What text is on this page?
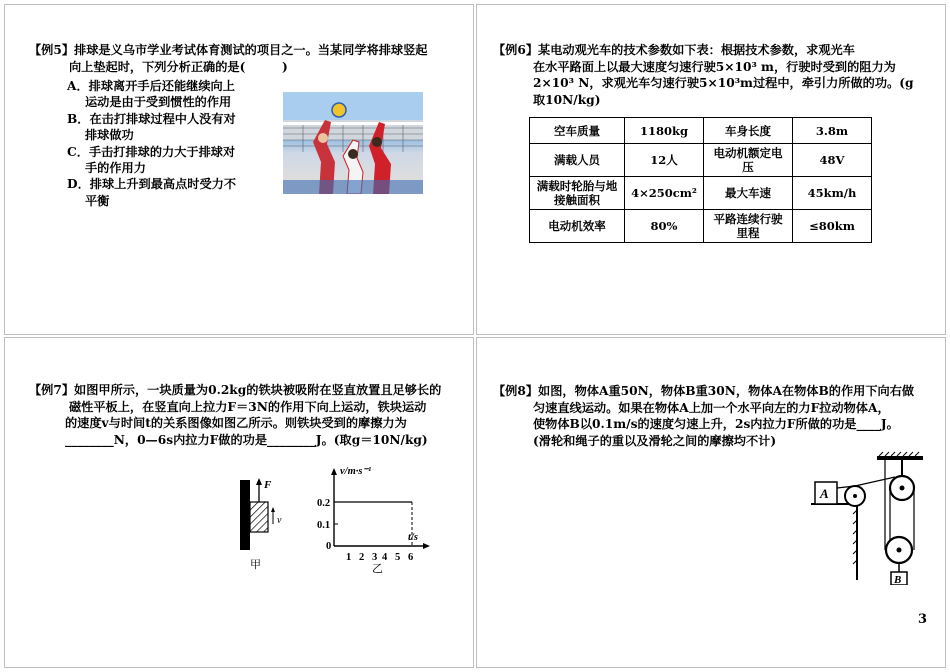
【例5】排球是义乌市学业考试体育测试的项目之一。当某同学将排球竖起
向上垫起时，下列分析正确的是(　　　)
A．排球离开手后还能继续向上
运动是由于受到惯性的作用
B．在击打排球过程中人没有对
排球做功
C．手击打排球的力大于排球对
手的作用力
D．排球上升到最高点时受力不
平衡
【例6】某电动观光车的技术参数如下表：根据技术参数，求观光车
在水平路面上以最大速度匀速行驶5×10³ m，行驶时受到的阻力为
2×10³ N，求观光车匀速行驶5×10³m过程中，牵引力所做的功。(g
取10N/kg)
空车质量	1180kg	车身长度	3.8m
满载人员	12人	电动机额定电压	48V
满载时轮胎与地接触面积	4×250cm²	最大车速	45km/h
电动机效率	80%	平路连续行驶里程	≤80km
【例7】如图甲所示，一块质量为0.2kg的铁块被吸附在竖直放置且足够长的
磁性平板上，在竖直向上拉力F＝3N的作用下向上运动，铁块运动
的速度v与时间t的关系图像如图乙所示。则铁块受到的摩擦力为
________N，0—6s内拉力F做的功是________J。(取g＝10N/kg)
F
v
甲
v/m·s⁻¹
t/s
0.2
0.1
0
1 2 3 4 5 6
乙
【例8】如图，物体A重50N，物体B重30N，物体A在物体B的作用下向右做
匀速直线运动。如果在物体A上加一个水平向左的力F拉动物体A，
使物体B以0.1m/s的速度匀速上升，2s内拉力F所做的功是____J。
(滑轮和绳子的重以及滑轮之间的摩擦均不计)
A
B
3
